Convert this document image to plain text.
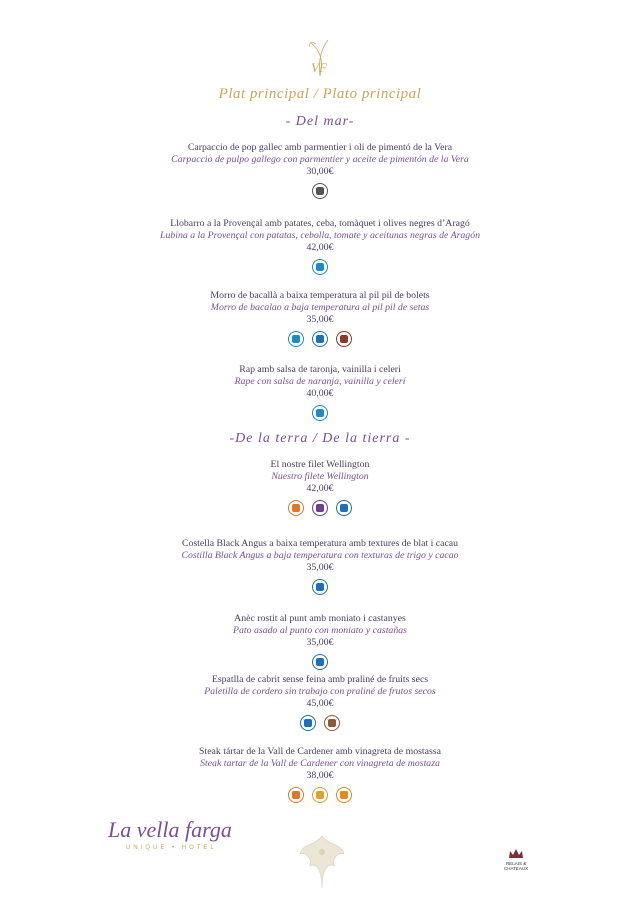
VF
Plat principal / Plato principal
- Del mar-
Carpaccio de pop gallec amb parmentier i oli de pimentó de la Vera
Carpaccio de pulpo gallego con parmentier y aceite de pimentón de la Vera
30,00€
Llobarro a la Provençal amb patates, ceba, tomàquet i olives negres d’Aragó
Lubina a la Provençal con patatas, cebolla, tomate y aceitunas negras de Aragón
42,00€
Morro de bacallà a baixa temperatura al pil pil de bolets
Morro de bacalao a baja temperatura al pil pil de setas
35,00€
Rap amb salsa de taronja, vainilla i celeri
Rape con salsa de naranja, vainilla y celerí
40,00€
-De la terra / De la tierra -
El nostre filet Wellington
Nuestro filete Wellington
42,00€
Costella Black Angus a baixa temperatura amb textures de blat i cacau
Costilla Black Angus a baja temperatura con texturas de trigo y cacao
35,00€
Anèc rostit al punt amb moniato i castanyes
Pato asado al punto con moniato y castañas
35,00€
Espatlla de cabrit sense feina amb praliné de fruits secs
Paletilla de cordero sin trabajo con praliné de frutos secos
45,00€
Steak tártar de la Vall de Cardener amb vinagreta de mostassa
Steak tartar de la Vall de Cardener con vinagreta de mostaza
38,00€
La vella farga
UNIQUE • HOTEL
RELAIS &
CHATEAUX
